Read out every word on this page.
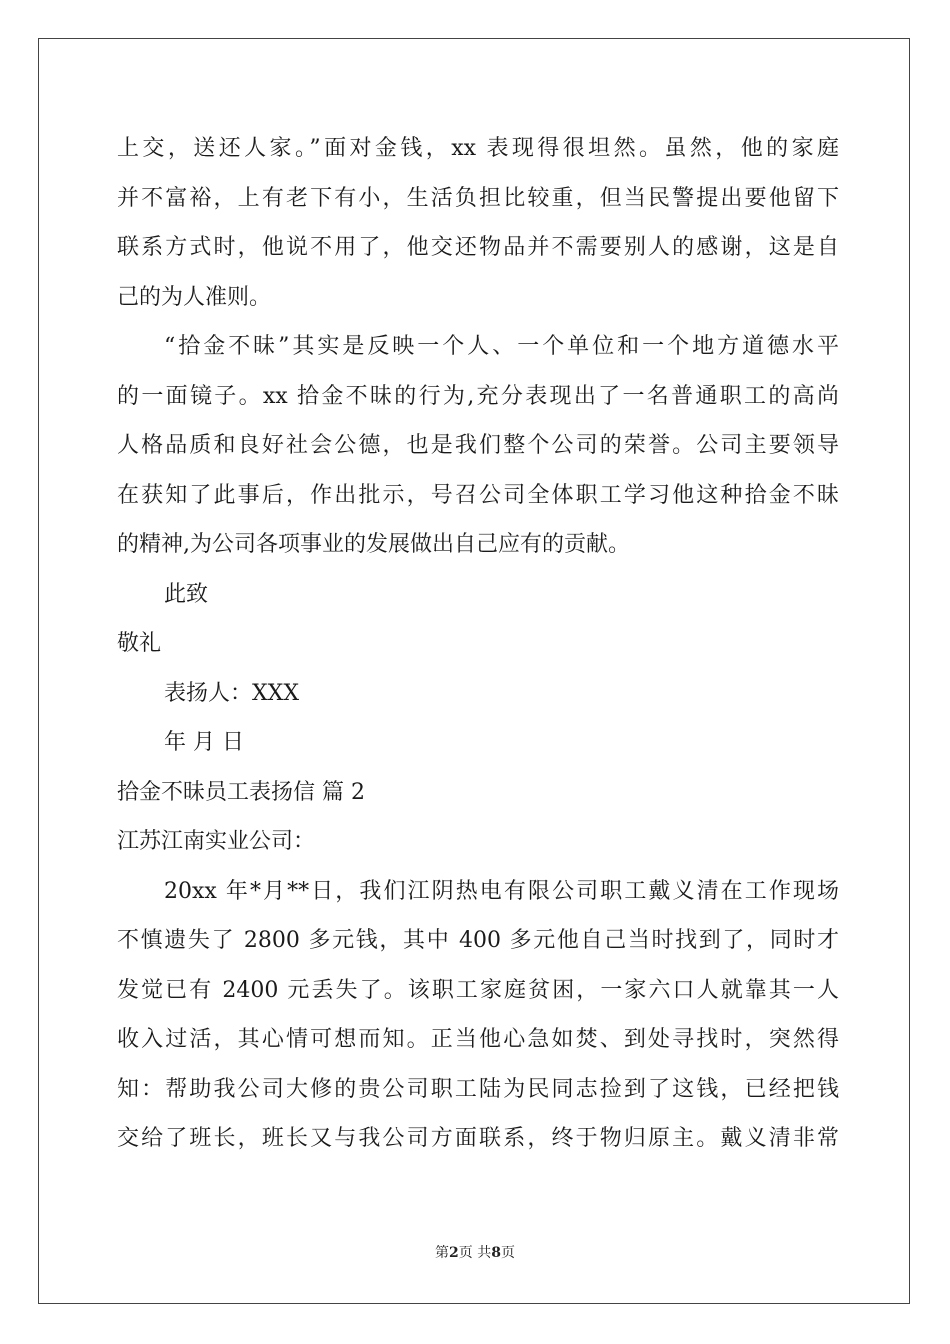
上交，送还人家。”面对金钱，xx 表现得很坦然。虽然，他的家庭
并不富裕，上有老下有小，生活负担比较重，但当民警提出要他留下
联系方式时，他说不用了，他交还物品并不需要别人的感谢，这是自
己的为人准则。
“拾金不昧”其实是反映一个人、一个单位和一个地方道德水平
的一面镜子。xx 拾金不昧的行为,充分表现出了一名普通职工的高尚
人格品质和良好社会公德，也是我们整个公司的荣誉。公司主要领导
在获知了此事后，作出批示，号召公司全体职工学习他这种拾金不昧
的精神,为公司各项事业的发展做出自己应有的贡献。
此致
敬礼
表扬人：XXX
年 月 日
拾金不昧员工表扬信 篇 2
江苏江南实业公司：
20xx 年*月**日，我们江阴热电有限公司职工戴义清在工作现场
不慎遗失了 2800 多元钱，其中 400 多元他自己当时找到了，同时才
发觉已有 2400 元丢失了。该职工家庭贫困，一家六口人就靠其一人
收入过活，其心情可想而知。正当他心急如焚、到处寻找时，突然得
知：帮助我公司大修的贵公司职工陆为民同志捡到了这钱，已经把钱
交给了班长，班长又与我公司方面联系，终于物归原主。戴义清非常
第2页 共8页
